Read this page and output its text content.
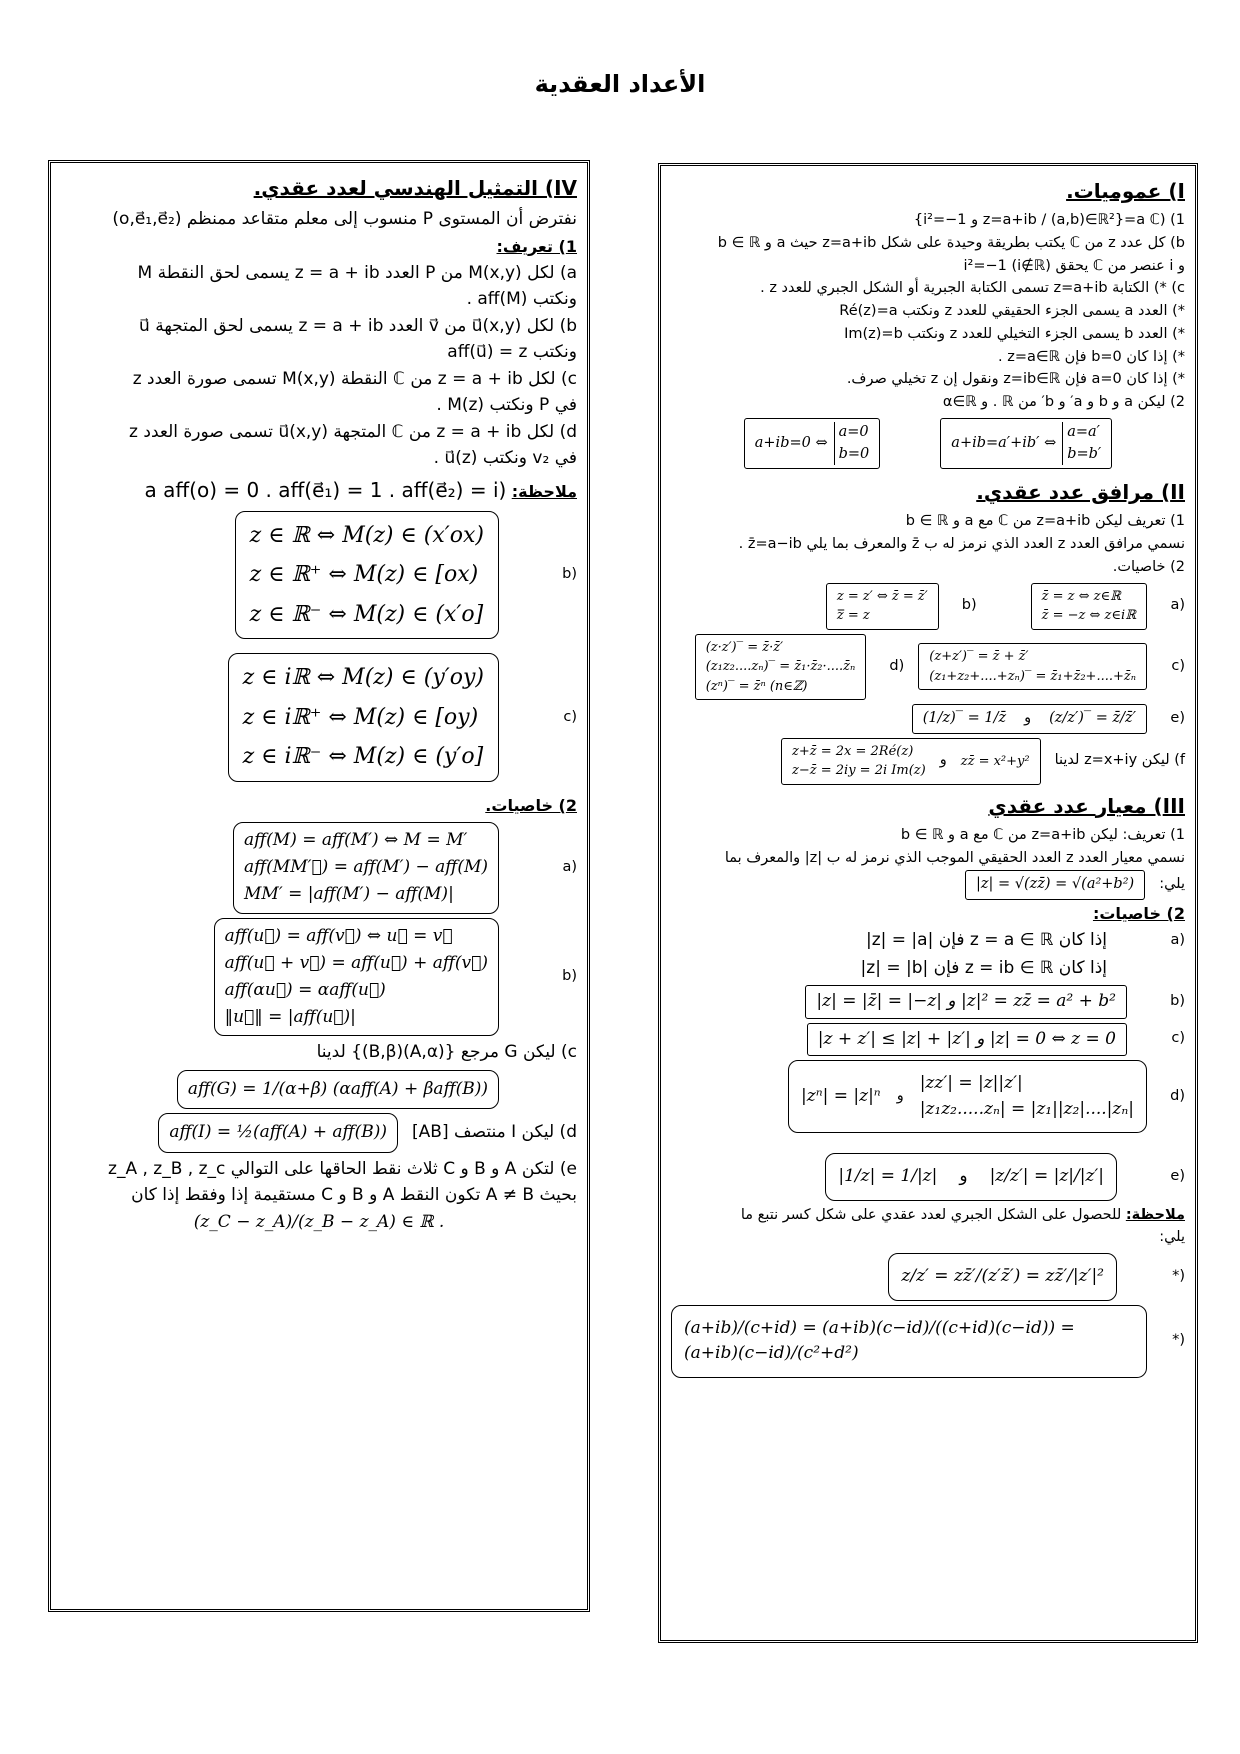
الأعداد العقدية
I) عموميات.
1) (a ℂ={z=a+ib / (a,b)∈ℝ² و i²=−1}
b) كل عدد z من ℂ يكتب بطريقة وحيدة على شكل z=a+ib حيث a و b ∈ ℝ
و i عنصر من ℂ يحقق i²=−1 (i∉ℝ)
c) *) الكتابة z=a+ib تسمى الكتابة الجبرية أو الشكل الجبري للعدد z .
*) العدد a يسمى الجزء الحقيقي للعدد z ونكتب Ré(z)=a
*) العدد b يسمى الجزء التخيلي للعدد z ونكتب Im(z)=b
*) إذا كان b=0 فإن z=a∈ℝ .
*) إذا كان a=0 فإن z=ib∈ℝ ونقول إن z تخيلي صرف.
2) ليكن a و b و a′ و b′ من ℝ . و α∈ℝ
a+ib=0 ⇔
a=0
b=0
a+ib=a′+ib′ ⇔
a=a′
b=b′
II) مرافق عدد عقدي.
1) تعريف ليكن z=a+ib من ℂ مع a و b ∈ ℝ
نسمي مرافق العدد z العدد الذي نرمز له ب z̄ والمعرف بما يلي z̄=a−ib .
2) خاصيات.
(a
z̄̄ = z ⇔ z∈ℝ
z̄ = −z ⇔ z∈iℝ
(b
z = z′ ⇔ z̄ = z̄′
z̿ = z
(c
(z+z′)‾ = z̄ + z̄′
(z₁+z₂+....+zₙ)‾ = z̄₁+z̄₂+....+z̄ₙ
(d
(z·z′)‾ = z̄·z̄′
(z₁z₂....zₙ)‾ = z̄₁·z̄₂·....z̄ₙ
(zⁿ)‾ = z̄ⁿ (n∈ℤ)
(e
(1/z)‾ = 1/z̄ و (z/z′)‾ = z̄/z̄′
f) ليكن z=x+iy لدينا
z+z̄ = 2x = 2Ré(z)
z−z̄ = 2iy = 2i Im(z)
و zz̄ = x²+y²
III) معيار عدد عقدي
1) تعريف: ليكن z=a+ib من ℂ مع a و b ∈ ℝ
نسمي معيار العدد z العدد الحقيقي الموجب الذي نرمز له ب |z| والمعرف بما
يلي:
|z| = √(zz̄) = √(a²+b²)
2) خاصيات:
(a
إذا كان z = a ∈ ℝ فإن |z| = |a|
إذا كان z = ib ∈ ℝ فإن |z| = |b|
(b
|z| = |z̄| = |−z| و |z|² = zz̄ = a² + b²
(c
|z + z′| ≤ |z| + |z′| و |z| = 0 ⇔ z = 0
(d
|zⁿ| = |z|ⁿ و
|zz′| = |z||z′|
|z₁z₂.....zₙ| = |z₁||z₂|....|zₙ|
(e
|1/z| = 1/|z| و |z/z′| = |z|/|z′|
ملاحظة: للحصول على الشكل الجبري لعدد عقدي على شكل كسر نتبع ما
يلي:
(*
z/z′ = zz̄′/(z′z̄′) = zz̄′/|z′|²
(*
(a+ib)/(c+id) = (a+ib)(c−id)/((c+id)(c−id)) = (a+ib)(c−id)/(c²+d²)
IV) التمثيل الهندسي لعدد عقدي.
نفترض أن المستوى P منسوب إلى معلم متقاعد ممنظم (o,e⃗₁,e⃗₂)
1) تعريف:
a) لكل M(x,y) من P العدد z = a + ib يسمى لحق النقطة M
ونكتب aff(M) .
b) لكل u⃗(x,y) من v⃗ العدد z = a + ib يسمى لحق المتجهة u⃗
ونكتب aff(u⃗) = z
c) لكل z = a + ib من ℂ النقطة M(x,y) تسمى صورة العدد z
في P ونكتب M(z) .
d) لكل z = a + ib من ℂ المتجهة u⃗(x,y) تسمى صورة العدد z
في v₂ ونكتب u⃗(z) .
ملاحظة: (a aff(o) = 0 . aff(e⃗₁) = 1 . aff(e⃗₂) = i
(b
z ∈ ℝ ⇔ M(z) ∈ (x′ox)
z ∈ ℝ⁺ ⇔ M(z) ∈ [ox)
z ∈ ℝ⁻ ⇔ M(z) ∈ (x′o]
(c
z ∈ iℝ ⇔ M(z) ∈ (y′oy)
z ∈ iℝ⁺ ⇔ M(z) ∈ [oy)
z ∈ iℝ⁻ ⇔ M(z) ∈ (y′o]
2) خاصيات.
(a
aff(M) = aff(M′) ⇔ M = M′
aff(MM′⃗) = aff(M′) − aff(M)
MM′ = |aff(M′) − aff(M)|
(b
aff(u⃗) = aff(v⃗) ⇔ u⃗ = v⃗
aff(u⃗ + v⃗) = aff(u⃗) + aff(v⃗)
aff(αu⃗) = αaff(u⃗)
‖u⃗‖ = |aff(u⃗)|
c) ليكن G مرجع {(A,α)(B,β)} لدينا
aff(G) = 1/(α+β) (αaff(A) + βaff(B))
d) ليكن I منتصف [AB]
aff(I) = ½(aff(A) + aff(B))
e) لتكن A و B و C ثلاث نقط الحاقها على التوالي z_A , z_B , z_c
بحيث A ≠ B تكون النقط A و B و C مستقيمة إذا وفقط إذا كان
(z_C − z_A)/(z_B − z_A) ∈ ℝ .
